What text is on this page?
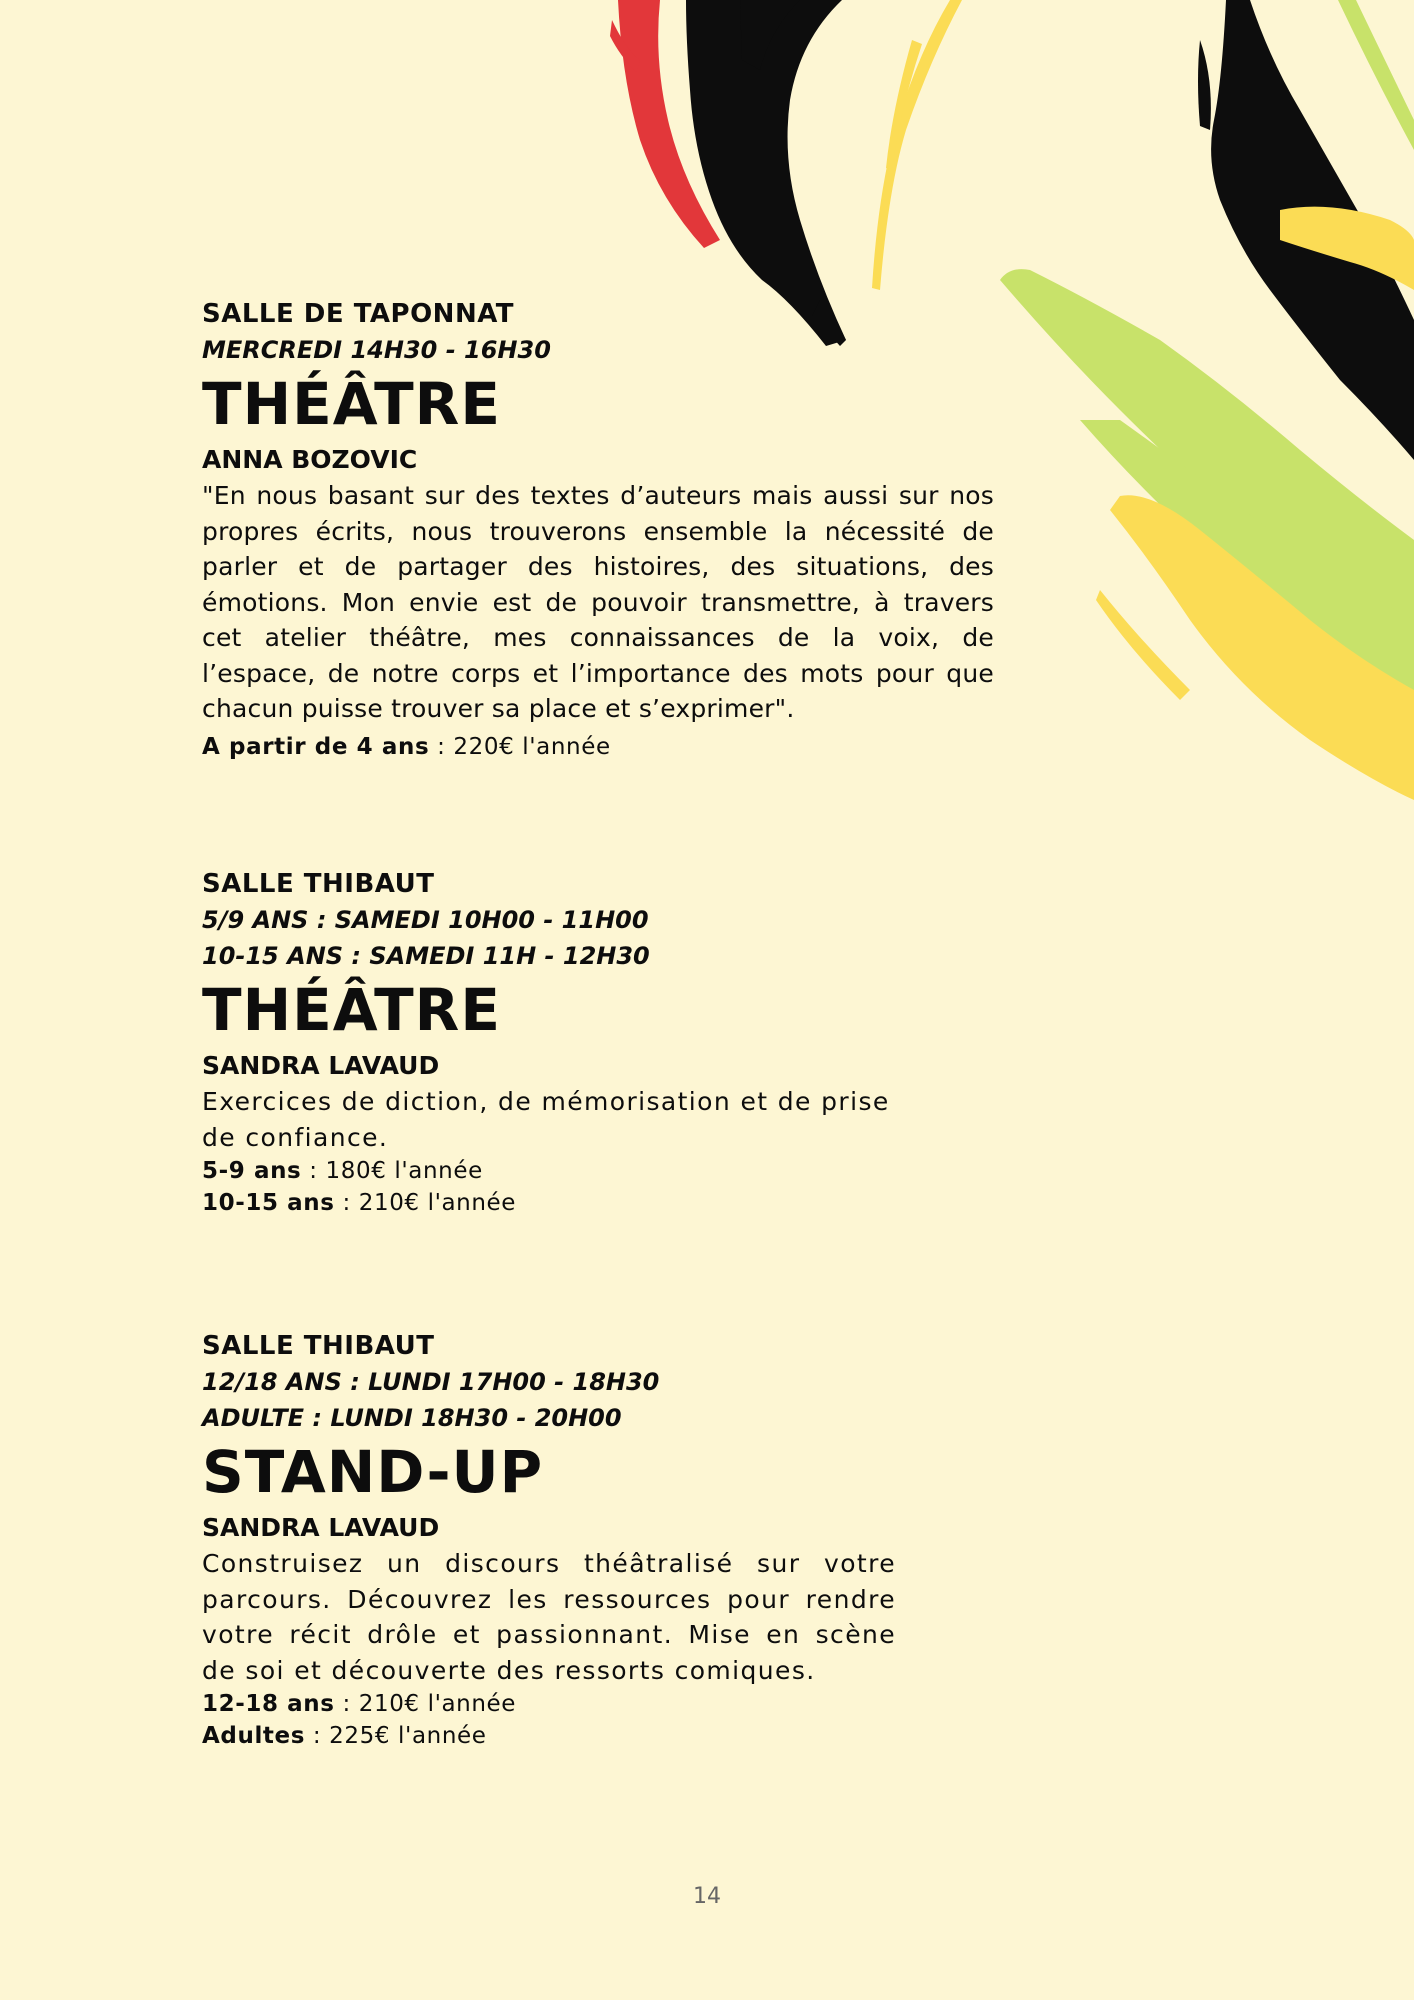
SALLE DE TAPONNAT

MERCREDI 14H30 - 16H30

THÉÂTRE

ANNA BOZOVIC

"En nous basant sur des textes d’auteurs mais aussi sur nos propres écrits, nous trouverons ensemble la nécessité de parler et de partager des histoires, des situations, des émotions. Mon envie est de pouvoir transmettre, à travers cet atelier théâtre, mes connaissances de la voix, de l’espace, de notre corps et l’importance des mots pour que chacun puisse trouver sa place et s’exprimer".

A partir de 4 ans : 220€ l'année

SALLE THIBAUT

5/9 ANS : SAMEDI 10H00 - 11H00

10-15 ANS : SAMEDI 11H - 12H30

THÉÂTRE

SANDRA LAVAUD

Exercices de diction, de mémorisation et de prise de confiance.

5-9 ans : 180€ l'année

10-15 ans : 210€ l'année

SALLE THIBAUT

12/18 ANS : LUNDI 17H00 - 18H30

ADULTE : LUNDI 18H30 - 20H00

STAND-UP

SANDRA LAVAUD

Construisez un discours théâtralisé sur votre parcours. Découvrez les ressources pour rendre votre récit drôle et passionnant. Mise en scène de soi et découverte des ressorts comiques.

12-18 ans : 210€ l'année

Adultes : 225€ l'année

14
